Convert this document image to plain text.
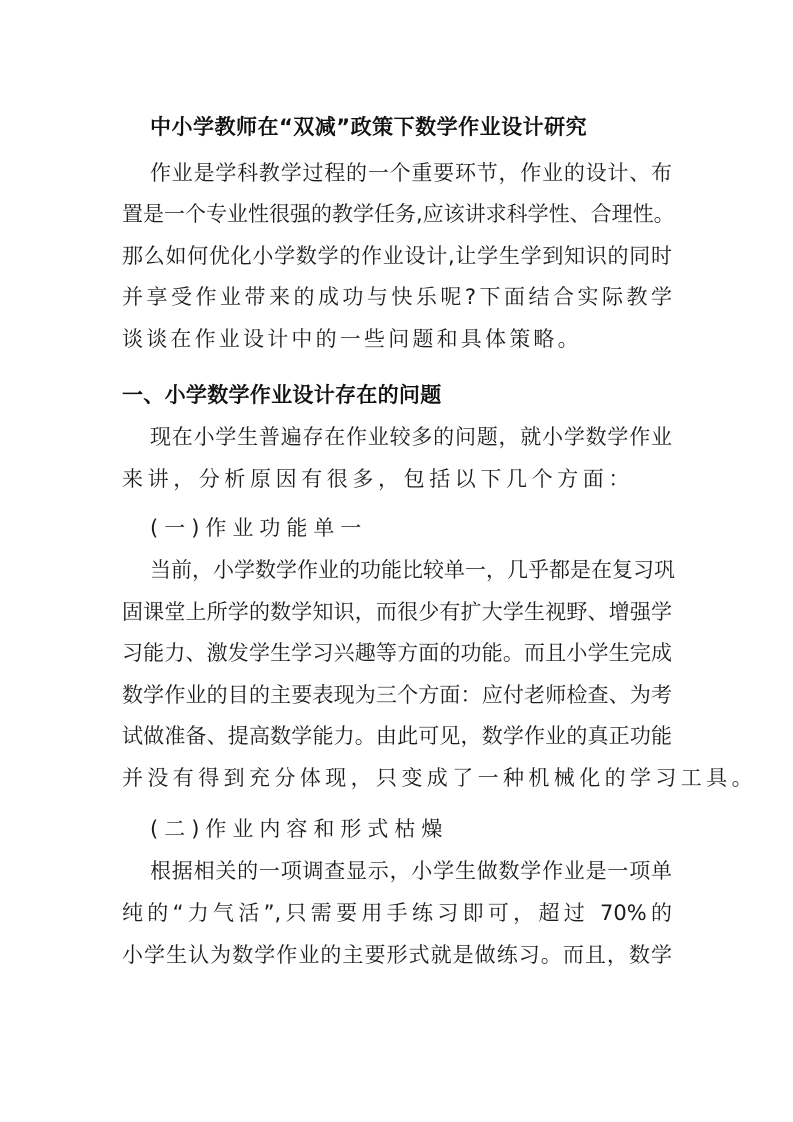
中小学教师在“双减”政策下数学作业设计研究
作业是学科教学过程的一个重要环节，作业的设计、布
置是一个专业性很强的教学任务,应该讲求科学性、合理性。
那么如何优化小学数学的作业设计,让学生学到知识的同时
并享受作业带来的成功与快乐呢?下面结合实际教学
谈谈在作业设计中的一些问题和具体策略。
一、小学数学作业设计存在的问题
现在小学生普遍存在作业较多的问题，就小学数学作业
来讲，分析原因有很多，包括以下几个方面：
(一)作业功能单一
当前，小学数学作业的功能比较单一，几乎都是在复习巩
固课堂上所学的数学知识，而很少有扩大学生视野、增强学
习能力、激发学生学习兴趣等方面的功能。而且小学生完成
数学作业的目的主要表现为三个方面：应付老师检查、为考
试做准备、提高数学能力。由此可见，数学作业的真正功能
并没有得到充分体现，只变成了一种机械化的学习工具。
(二)作业内容和形式枯燥
根据相关的一项调查显示，小学生做数学作业是一项单
纯的“力气活”,只需要用手练习即可，超过 70%的
小学生认为数学作业的主要形式就是做练习。而且，数学
